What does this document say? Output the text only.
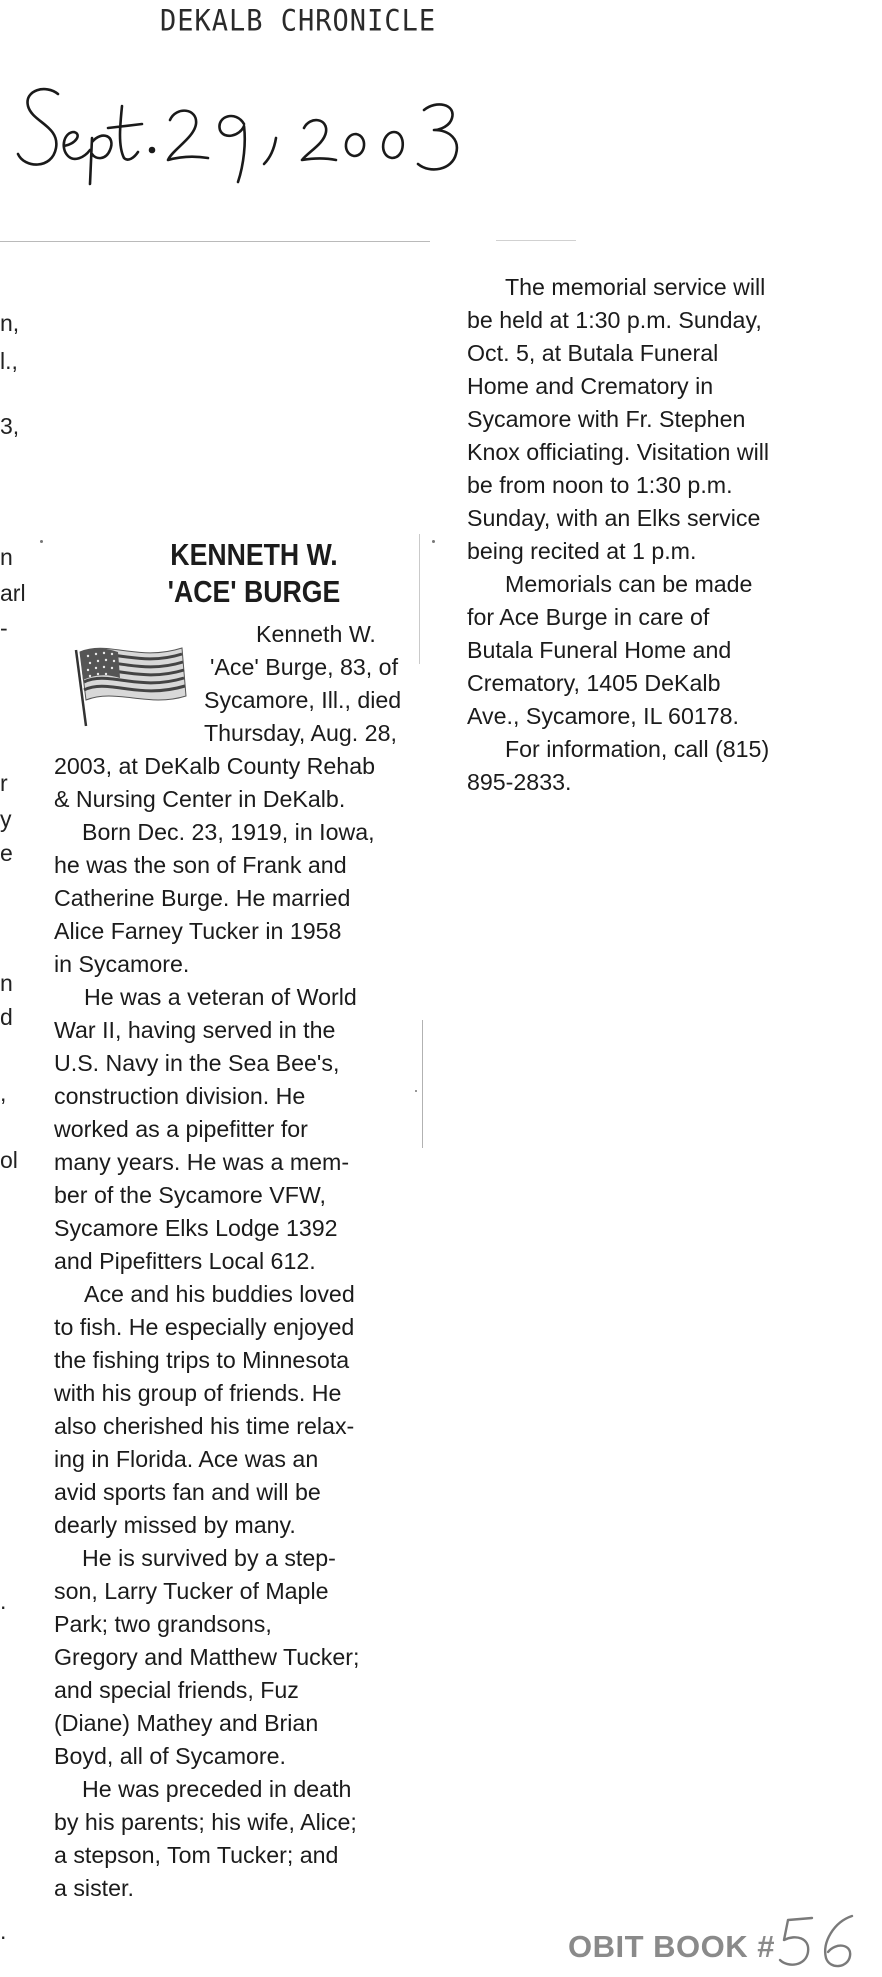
DEKALB CHRONICLE
n,
l.,
3,
n
arl
-
r
y
e
n
d
,
ol
.
.
KENNETH W.
'ACE' BURGE
Kenneth W.
'Ace' Burge, 83, of
Sycamore, Ill., died
Thursday, Aug. 28,
2003, at DeKalb County Rehab
& Nursing Center in DeKalb.
Born Dec. 23, 1919, in Iowa,
he was the son of Frank and
Catherine Burge. He married
Alice Farney Tucker in 1958
in Sycamore.
He was a veteran of World
War II, having served in the
U.S. Navy in the Sea Bee's,
construction division. He
worked as a pipefitter for
many years. He was a mem-
ber of the Sycamore VFW,
Sycamore Elks Lodge 1392
and Pipefitters Local 612.
Ace and his buddies loved
to fish. He especially enjoyed
the fishing trips to Minnesota
with his group of friends. He
also cherished his time relax-
ing in Florida. Ace was an
avid sports fan and will be
dearly missed by many.
He is survived by a step-
son, Larry Tucker of Maple
Park; two grandsons,
Gregory and Matthew Tucker;
and special friends, Fuz
(Diane) Mathey and Brian
Boyd, all of Sycamore.
He was preceded in death
by his parents; his wife, Alice;
a stepson, Tom Tucker; and
a sister.
The memorial service will
be held at 1:30 p.m. Sunday,
Oct. 5, at Butala Funeral
Home and Crematory in
Sycamore with Fr. Stephen
Knox officiating. Visitation will
be from noon to 1:30 p.m.
Sunday, with an Elks service
being recited at 1 p.m.
Memorials can be made
for Ace Burge in care of
Butala Funeral Home and
Crematory, 1405 DeKalb
Ave., Sycamore, IL 60178.
For information, call (815)
895-2833.
OBIT BOOK #
